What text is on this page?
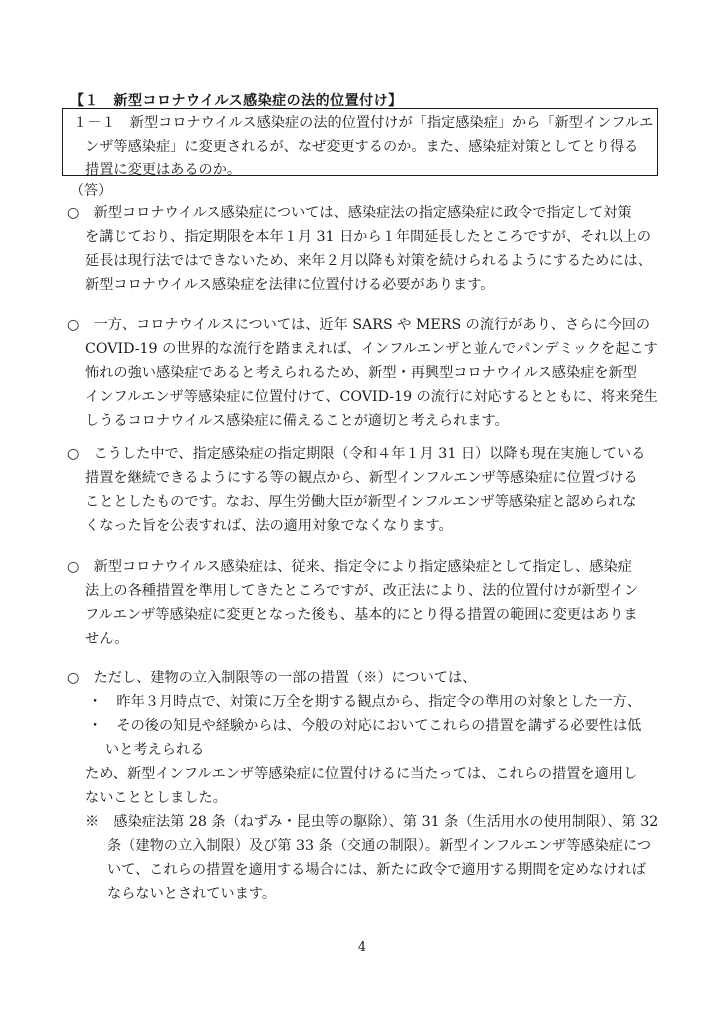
【１　新型コロナウイルス感染症の法的位置付け】
１－１　新型コロナウイルス感染症の法的位置付けが「指定感染症」から「新型インフルエ
ンザ等感染症」に変更されるが、なぜ変更するのか。また、感染症対策としてとり得る
措置に変更はあるのか。
（答）
○　新型コロナウイルス感染症については、感染症法の指定感染症に政令で指定して対策
を講じており、指定期限を本年１月 31 日から１年間延長したところですが、それ以上の
延長は現行法ではできないため、来年２月以降も対策を続けられるようにするためには、
新型コロナウイルス感染症を法律に位置付ける必要があります。
○　一方、コロナウイルスについては、近年 SARS や MERS の流行があり、さらに今回の
COVID-19 の世界的な流行を踏まえれば、インフルエンザと並んでパンデミックを起こす
怖れの強い感染症であると考えられるため、新型・再興型コロナウイルス感染症を新型
インフルエンザ等感染症に位置付けて、COVID-19 の流行に対応するとともに、将来発生
しうるコロナウイルス感染症に備えることが適切と考えられます。
○　こうした中で、指定感染症の指定期限（令和４年１月 31 日）以降も現在実施している
措置を継続できるようにする等の観点から、新型インフルエンザ等感染症に位置づける
こととしたものです。なお、厚生労働大臣が新型インフルエンザ等感染症と認められな
くなった旨を公表すれば、法の適用対象でなくなります。
○　新型コロナウイルス感染症は、従来、指定令により指定感染症として指定し、感染症
法上の各種措置を準用してきたところですが、改正法により、法的位置付けが新型イン
フルエンザ等感染症に変更となった後も、基本的にとり得る措置の範囲に変更はありま
せん。
○　ただし、建物の立入制限等の一部の措置（※）については、
・　昨年３月時点で、対策に万全を期する観点から、指定令の準用の対象とした一方、
・　その後の知見や経験からは、今般の対応においてこれらの措置を講ずる必要性は低
いと考えられる
ため、新型インフルエンザ等感染症に位置付けるに当たっては、これらの措置を適用し
ないこととしました。
※　感染症法第 28 条（ねずみ・昆虫等の駆除）、第 31 条（生活用水の使用制限）、第 32
条（建物の立入制限）及び第 33 条（交通の制限）。新型インフルエンザ等感染症につ
いて、これらの措置を適用する場合には、新たに政令で適用する期間を定めなければ
ならないとされています。
4
